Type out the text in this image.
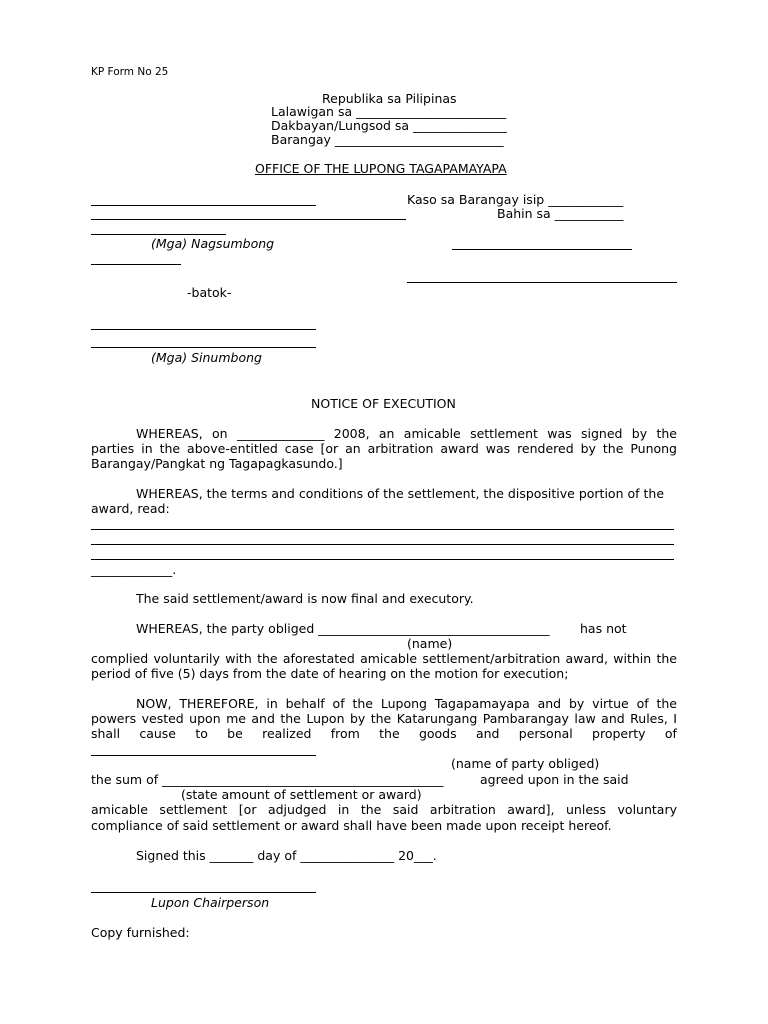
KP Form No 25
Republika sa Pilipinas
Lalawigan sa ________________________
Dakbayan/Lungsod sa _______________
Barangay ___________________________
OFFICE OF THE LUPONG TAGAPAMAYAPA
(Mga) Nagsumbong
Kaso sa Barangay isip ____________
Bahin sa ___________
-batok-
(Mga) Sinumbong
NOTICE OF EXECUTION
WHEREAS, on ______________ 2008, an amicable settlement was signed by the
parties in the above-entitled case [or an arbitration award was rendered by the Punong
Barangay/Pangkat ng Tagapagkasundo.]
WHEREAS, the terms and conditions of the settlement, the dispositive portion of the
award, read:
_____________.
The said settlement/award is now final and executory.
WHEREAS, the party obliged _____________________________________ has not
(name)
complied voluntarily with the aforestated amicable settlement/arbitration award, within the
period of five (5) days from the date of hearing on the motion for execution;
NOW, THEREFORE, in behalf of the Lupong Tagapamayapa and by virtue of the
powers vested upon me and the Lupon by the Katarungang Pambarangay law and Rules, I
shall cause to be realized from the goods and personal property of
(name of party obliged)
the sum of _____________________________________________	agreed upon in the said
(state amount of settlement or award)
amicable settlement [or adjudged in the said arbitration award], unless voluntary
compliance of said settlement or award shall have been made upon receipt hereof.
Signed this _______ day of _______________ 20___.
Lupon Chairperson
Copy furnished:
